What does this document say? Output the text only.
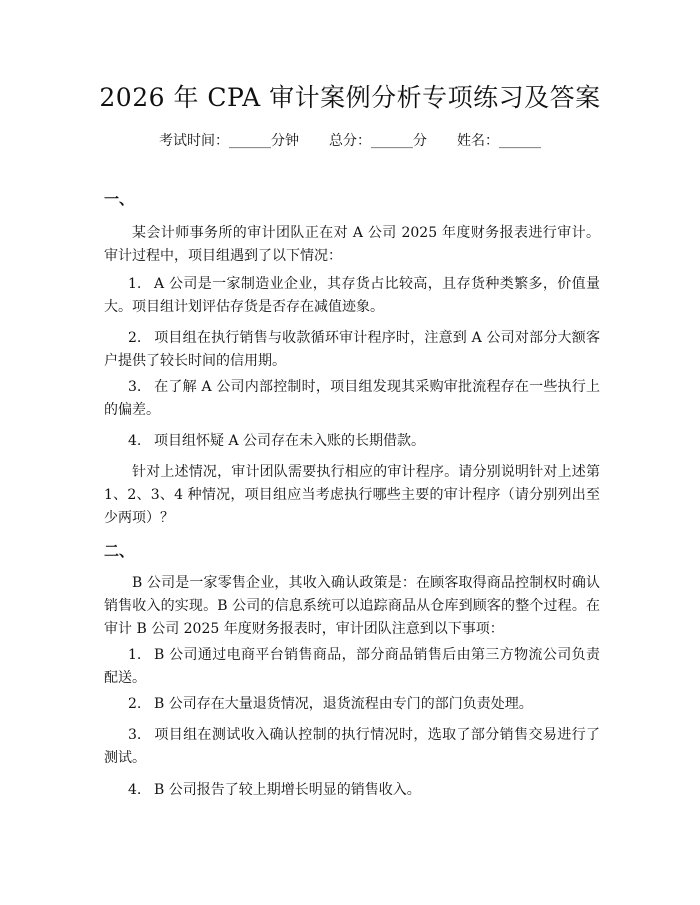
2026 年 CPA 审计案例分析专项练习及答案
考试时间：______分钟 总分：______分 姓名：______

一、

某会计师事务所的审计团队正在对 A 公司 2025 年度财务报表进行审计。审计过程中，项目组遇到了以下情况：

1. A 公司是一家制造业企业，其存货占比较高，且存货种类繁多，价值量大。项目组计划评估存货是否存在减值迹象。

2. 项目组在执行销售与收款循环审计程序时，注意到 A 公司对部分大额客户提供了较长时间的信用期。

3. 在了解 A 公司内部控制时，项目组发现其采购审批流程存在一些执行上的偏差。

4. 项目组怀疑 A 公司存在未入账的长期借款。

针对上述情况，审计团队需要执行相应的审计程序。请分别说明针对上述第 1、2、3、4 种情况，项目组应当考虑执行哪些主要的审计程序（请分别列出至少两项）？

二、

B 公司是一家零售企业，其收入确认政策是：在顾客取得商品控制权时确认销售收入的实现。B 公司的信息系统可以追踪商品从仓库到顾客的整个过程。在审计 B 公司 2025 年度财务报表时，审计团队注意到以下事项：

1. B 公司通过电商平台销售商品，部分商品销售后由第三方物流公司负责配送。

2. B 公司存在大量退货情况，退货流程由专门的部门负责处理。

3. 项目组在测试收入确认控制的执行情况时，选取了部分销售交易进行了测试。

4. B 公司报告了较上期增长明显的销售收入。
